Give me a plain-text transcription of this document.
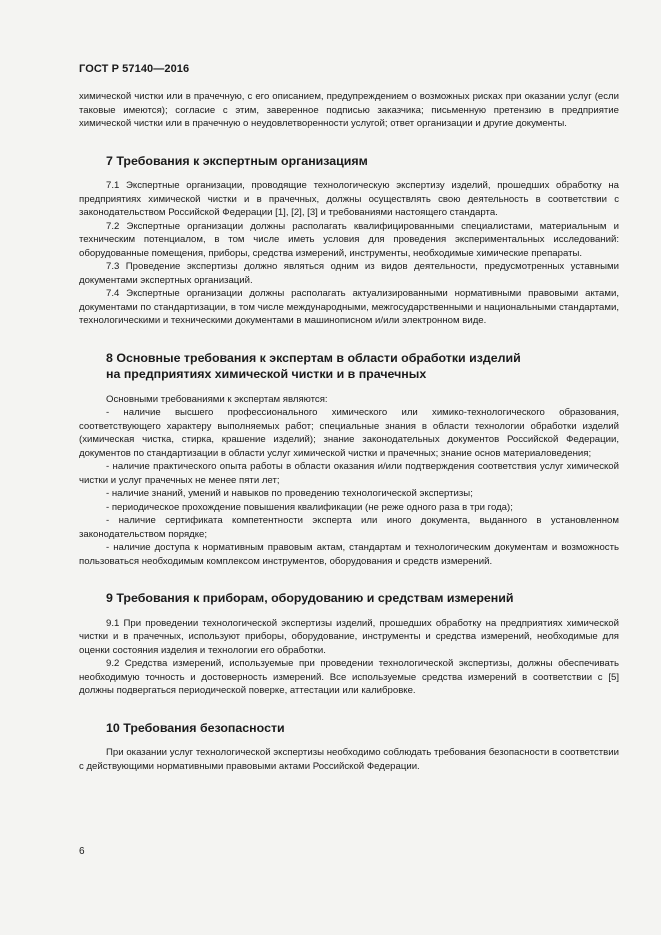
ГОСТ Р 57140—2016

химической чистки или в прачечную, с его описанием, предупреждением о возможных рисках при оказании услуг (если таковые имеются); согласие с этим, заверенное подписью заказчика; письменную претензию в предприятие химической чистки или в прачечную о неудовлетворенности услугой; ответ организации и другие документы.

7 Требования к экспертным организациям

7.1 Экспертные организации, проводящие технологическую экспертизу изделий, прошедших обработку на предприятиях химической чистки и в прачечных, должны осуществлять свою деятельность в соответствии с законодательством Российской Федерации [1], [2], [3] и требованиями настоящего стандарта.

7.2 Экспертные организации должны располагать квалифицированными специалистами, материальным и техническим потенциалом, в том числе иметь условия для проведения экспериментальных исследований: оборудованные помещения, приборы, средства измерений, инструменты, необходимые химические препараты.

7.3 Проведение экспертизы должно являться одним из видов деятельности, предусмотренных уставными документами экспертных организаций.

7.4 Экспертные организации должны располагать актуализированными нормативными правовыми актами, документами по стандартизации, в том числе международными, межгосударственными и национальными стандартами, технологическими и техническими документами в машинописном и/или электронном виде.

8 Основные требования к экспертам в области обработки изделий
на предприятиях химической чистки и в прачечных

Основными требованиями к экспертам являются:

- наличие высшего профессионального химического или химико-технологического образования, соответствующего характеру выполняемых работ; специальные знания в области технологии обработки изделий (химическая чистка, стирка, крашение изделий); знание законодательных документов Российской Федерации, документов по стандартизации в области услуг химической чистки и прачечных; знание основ материаловедения;

- наличие практического опыта работы в области оказания и/или подтверждения соответствия услуг химической чистки и услуг прачечных не менее пяти лет;

- наличие знаний, умений и навыков по проведению технологической экспертизы;

- периодическое прохождение повышения квалификации (не реже одного раза в три года);

- наличие сертификата компетентности эксперта или иного документа, выданного в установленном законодательством порядке;

- наличие доступа к нормативным правовым актам, стандартам и технологическим документам и возможность пользоваться необходимым комплексом инструментов, оборудования и средств измерений.

9 Требования к приборам, оборудованию и средствам измерений

9.1 При проведении технологической экспертизы изделий, прошедших обработку на предприятиях химической чистки и в прачечных, используют приборы, оборудование, инструменты и средства измерений, необходимые для оценки состояния изделия и технологии его обработки.

9.2 Средства измерений, используемые при проведении технологической экспертизы, должны обеспечивать необходимую точность и достоверность измерений. Все используемые средства измерений в соответствии с [5] должны подвергаться периодической поверке, аттестации или калибровке.

10 Требования безопасности

При оказании услуг технологической экспертизы необходимо соблюдать требования безопасности в соответствии с действующими нормативными правовыми актами Российской Федерации.

6
